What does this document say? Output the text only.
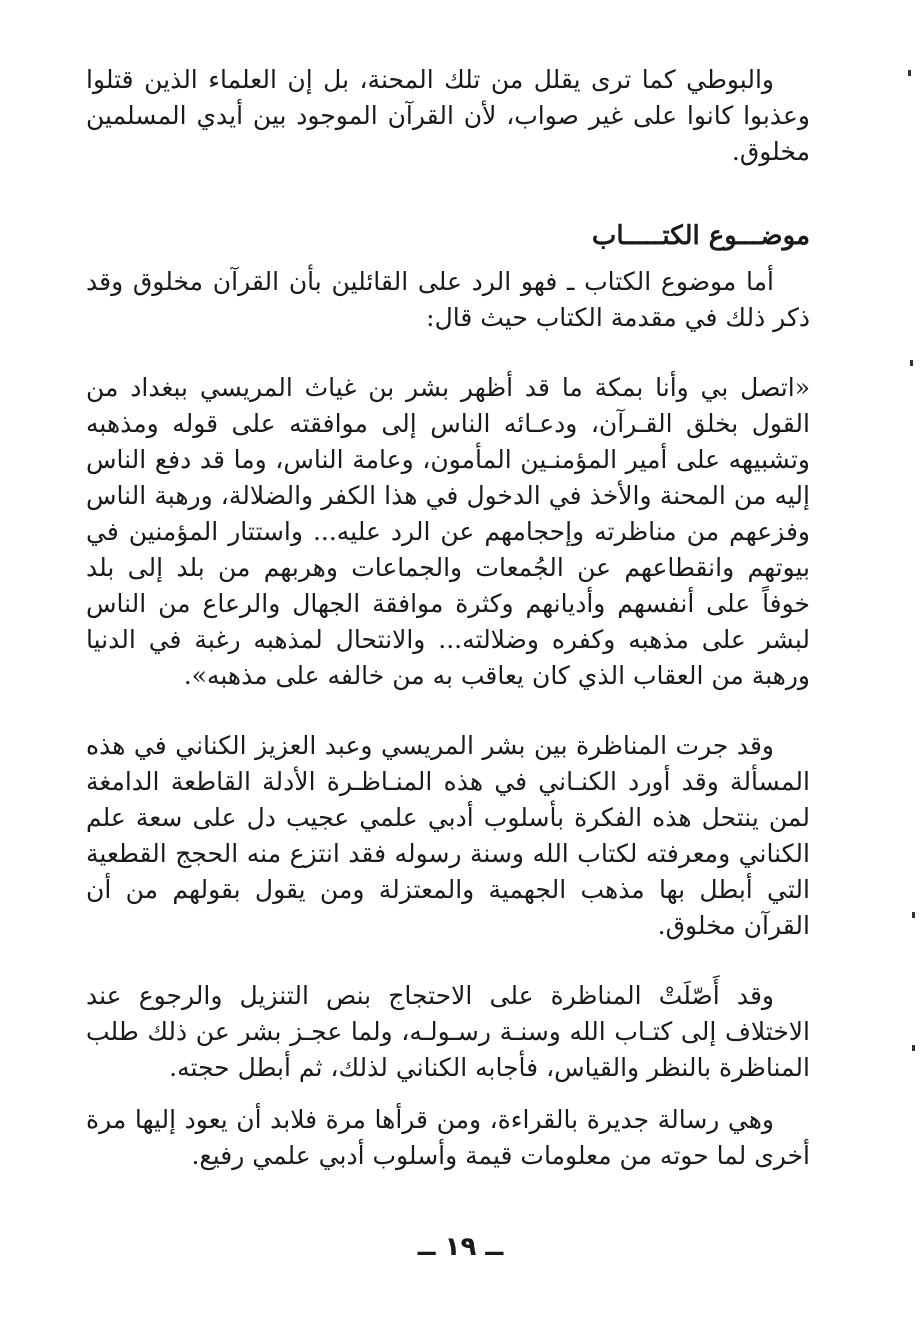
والبوطي كما ترى يقلل من تلك المحنة، بل إن العلماء الذين قتلوا وعذبوا كانوا على غير صواب، لأن القرآن الموجود بين أيدي المسلمين مخلوق.

موضـــوع الكتـــــاب

أما موضوع الكتاب ـ فهو الرد على القائلين بأن القرآن مخلوق وقد ذكر ذلك في مقدمة الكتاب حيث قال:

«اتصل بي وأنا بمكة ما قد أظهر بشر بن غياث المريسي ببغداد من القول بخلق القـرآن، ودعـائه الناس إلى موافقته على قوله ومذهبه وتشبيهه على أمير المؤمنـين المأمون، وعامة الناس، وما قد دفع الناس إليه من المحنة والأخذ في الدخول في هذا الكفر والضلالة، ورهبة الناس وفزعهم من مناظرته وإحجامهم عن الرد عليه... واستتار المؤمنين في بيوتهم وانقطاعهم عن الجُمعات والجماعات وهربهم من بلد إلى بلد خوفاً على أنفسهم وأديانهم وكثرة موافقة الجهال والرعاع من الناس لبشر على مذهبه وكفره وضلالته... والانتحال لمذهبه رغبة في الدنيا ورهبة من العقاب الذي كان يعاقب به من خالفه على مذهبه».

وقد جرت المناظرة بين بشر المريسي وعبد العزيز الكناني في هذه المسألة وقد أورد الكنـاني في هذه المنـاظـرة الأدلة القاطعة الدامغة لمن ينتحل هذه الفكرة بأسلوب أدبي علمي عجيب دل على سعة علم الكناني ومعرفته لكتاب الله وسنة رسوله فقد انتزع منه الحجج القطعية التي أبطل بها مذهب الجهمية والمعتزلة ومن يقول بقولهم من أن القرآن مخلوق.

وقد أَصّلَتْ المناظرة على الاحتجاج بنص التنزيل والرجوع عند الاختلاف إلى كتـاب الله وسنـة رسـولـه، ولما عجـز بشر عن ذلك طلب المناظرة بالنظر والقياس، فأجابه الكناني لذلك، ثم أبطل حجته.

وهي رسالة جديرة بالقراءة، ومن قرأها مرة فلابد أن يعود إليها مرة أخرى لما حوته من معلومات قيمة وأسلوب أدبي علمي رفيع.

ــ ١٩ ــ
